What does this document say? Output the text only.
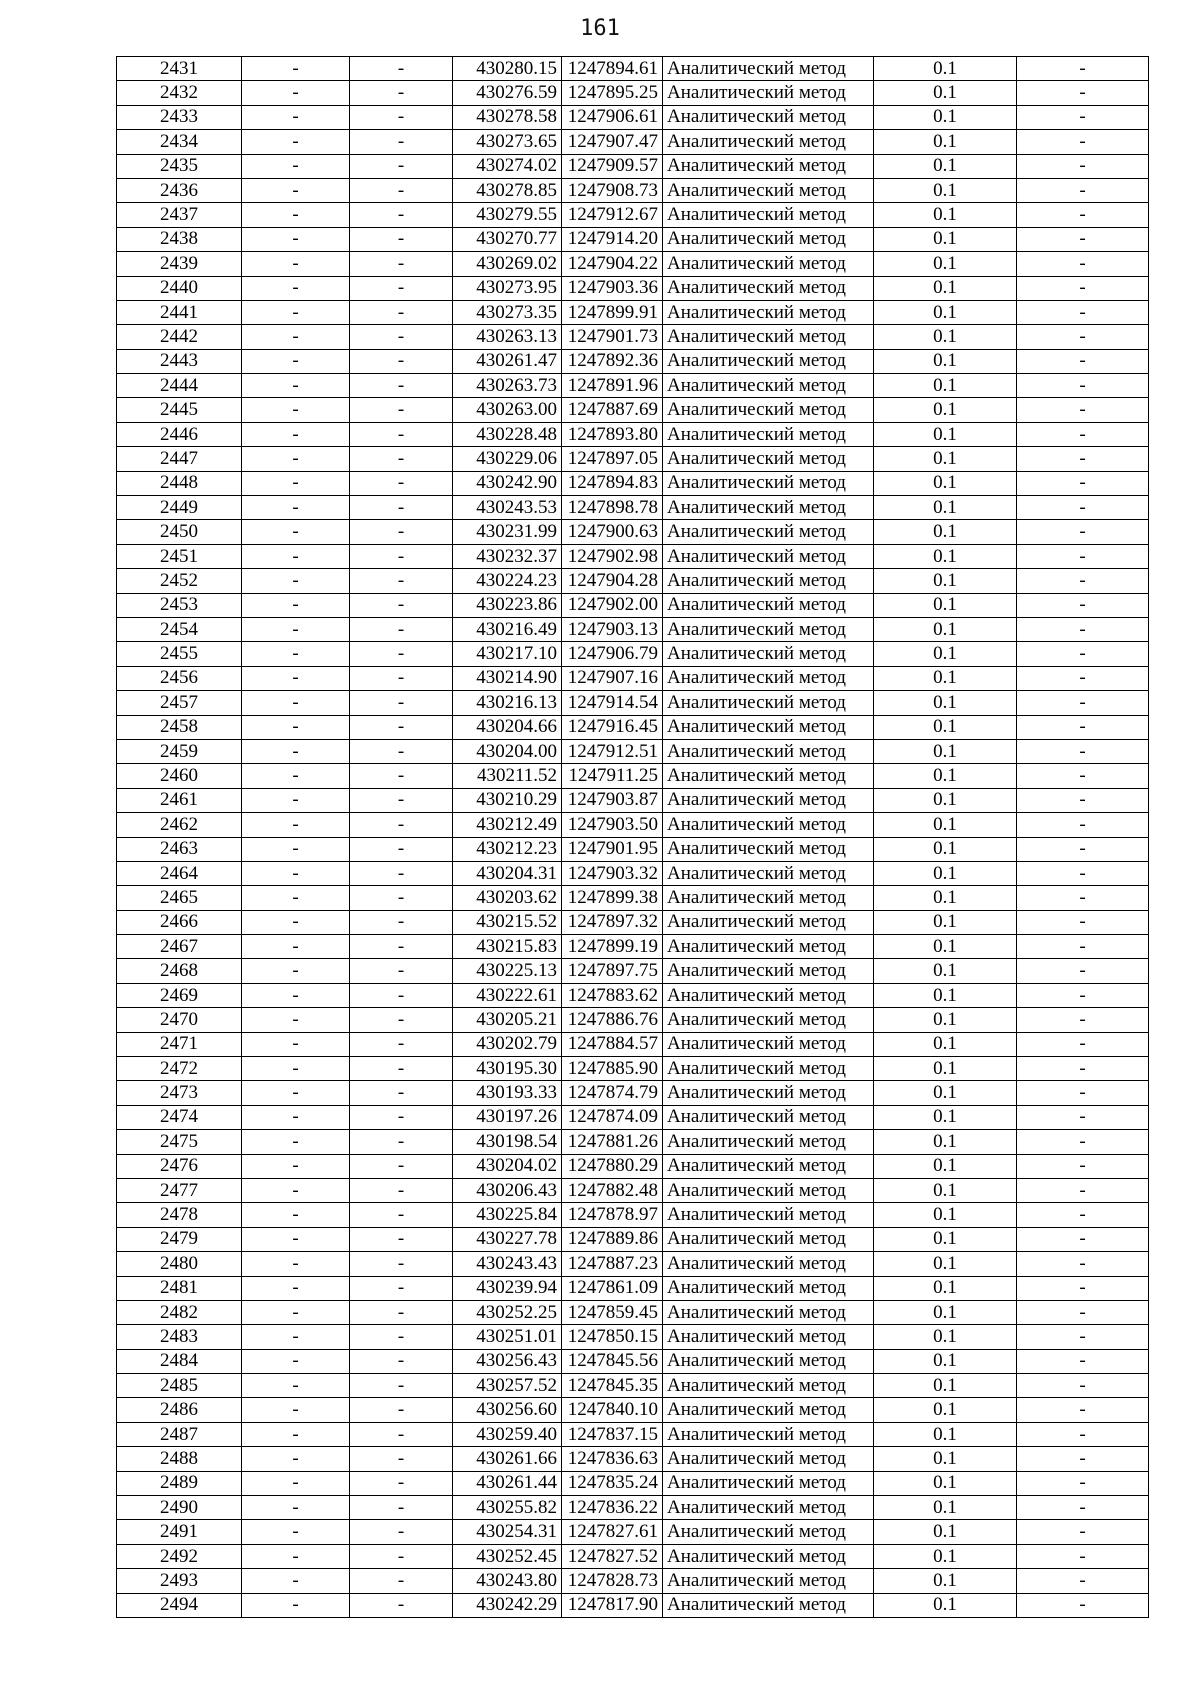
161
2431	-	-	430280.15	1247894.61	Аналитический метод	0.1	-
2432	-	-	430276.59	1247895.25	Аналитический метод	0.1	-
2433	-	-	430278.58	1247906.61	Аналитический метод	0.1	-
2434	-	-	430273.65	1247907.47	Аналитический метод	0.1	-
2435	-	-	430274.02	1247909.57	Аналитический метод	0.1	-
2436	-	-	430278.85	1247908.73	Аналитический метод	0.1	-
2437	-	-	430279.55	1247912.67	Аналитический метод	0.1	-
2438	-	-	430270.77	1247914.20	Аналитический метод	0.1	-
2439	-	-	430269.02	1247904.22	Аналитический метод	0.1	-
2440	-	-	430273.95	1247903.36	Аналитический метод	0.1	-
2441	-	-	430273.35	1247899.91	Аналитический метод	0.1	-
2442	-	-	430263.13	1247901.73	Аналитический метод	0.1	-
2443	-	-	430261.47	1247892.36	Аналитический метод	0.1	-
2444	-	-	430263.73	1247891.96	Аналитический метод	0.1	-
2445	-	-	430263.00	1247887.69	Аналитический метод	0.1	-
2446	-	-	430228.48	1247893.80	Аналитический метод	0.1	-
2447	-	-	430229.06	1247897.05	Аналитический метод	0.1	-
2448	-	-	430242.90	1247894.83	Аналитический метод	0.1	-
2449	-	-	430243.53	1247898.78	Аналитический метод	0.1	-
2450	-	-	430231.99	1247900.63	Аналитический метод	0.1	-
2451	-	-	430232.37	1247902.98	Аналитический метод	0.1	-
2452	-	-	430224.23	1247904.28	Аналитический метод	0.1	-
2453	-	-	430223.86	1247902.00	Аналитический метод	0.1	-
2454	-	-	430216.49	1247903.13	Аналитический метод	0.1	-
2455	-	-	430217.10	1247906.79	Аналитический метод	0.1	-
2456	-	-	430214.90	1247907.16	Аналитический метод	0.1	-
2457	-	-	430216.13	1247914.54	Аналитический метод	0.1	-
2458	-	-	430204.66	1247916.45	Аналитический метод	0.1	-
2459	-	-	430204.00	1247912.51	Аналитический метод	0.1	-
2460	-	-	430211.52	1247911.25	Аналитический метод	0.1	-
2461	-	-	430210.29	1247903.87	Аналитический метод	0.1	-
2462	-	-	430212.49	1247903.50	Аналитический метод	0.1	-
2463	-	-	430212.23	1247901.95	Аналитический метод	0.1	-
2464	-	-	430204.31	1247903.32	Аналитический метод	0.1	-
2465	-	-	430203.62	1247899.38	Аналитический метод	0.1	-
2466	-	-	430215.52	1247897.32	Аналитический метод	0.1	-
2467	-	-	430215.83	1247899.19	Аналитический метод	0.1	-
2468	-	-	430225.13	1247897.75	Аналитический метод	0.1	-
2469	-	-	430222.61	1247883.62	Аналитический метод	0.1	-
2470	-	-	430205.21	1247886.76	Аналитический метод	0.1	-
2471	-	-	430202.79	1247884.57	Аналитический метод	0.1	-
2472	-	-	430195.30	1247885.90	Аналитический метод	0.1	-
2473	-	-	430193.33	1247874.79	Аналитический метод	0.1	-
2474	-	-	430197.26	1247874.09	Аналитический метод	0.1	-
2475	-	-	430198.54	1247881.26	Аналитический метод	0.1	-
2476	-	-	430204.02	1247880.29	Аналитический метод	0.1	-
2477	-	-	430206.43	1247882.48	Аналитический метод	0.1	-
2478	-	-	430225.84	1247878.97	Аналитический метод	0.1	-
2479	-	-	430227.78	1247889.86	Аналитический метод	0.1	-
2480	-	-	430243.43	1247887.23	Аналитический метод	0.1	-
2481	-	-	430239.94	1247861.09	Аналитический метод	0.1	-
2482	-	-	430252.25	1247859.45	Аналитический метод	0.1	-
2483	-	-	430251.01	1247850.15	Аналитический метод	0.1	-
2484	-	-	430256.43	1247845.56	Аналитический метод	0.1	-
2485	-	-	430257.52	1247845.35	Аналитический метод	0.1	-
2486	-	-	430256.60	1247840.10	Аналитический метод	0.1	-
2487	-	-	430259.40	1247837.15	Аналитический метод	0.1	-
2488	-	-	430261.66	1247836.63	Аналитический метод	0.1	-
2489	-	-	430261.44	1247835.24	Аналитический метод	0.1	-
2490	-	-	430255.82	1247836.22	Аналитический метод	0.1	-
2491	-	-	430254.31	1247827.61	Аналитический метод	0.1	-
2492	-	-	430252.45	1247827.52	Аналитический метод	0.1	-
2493	-	-	430243.80	1247828.73	Аналитический метод	0.1	-
2494	-	-	430242.29	1247817.90	Аналитический метод	0.1	-
